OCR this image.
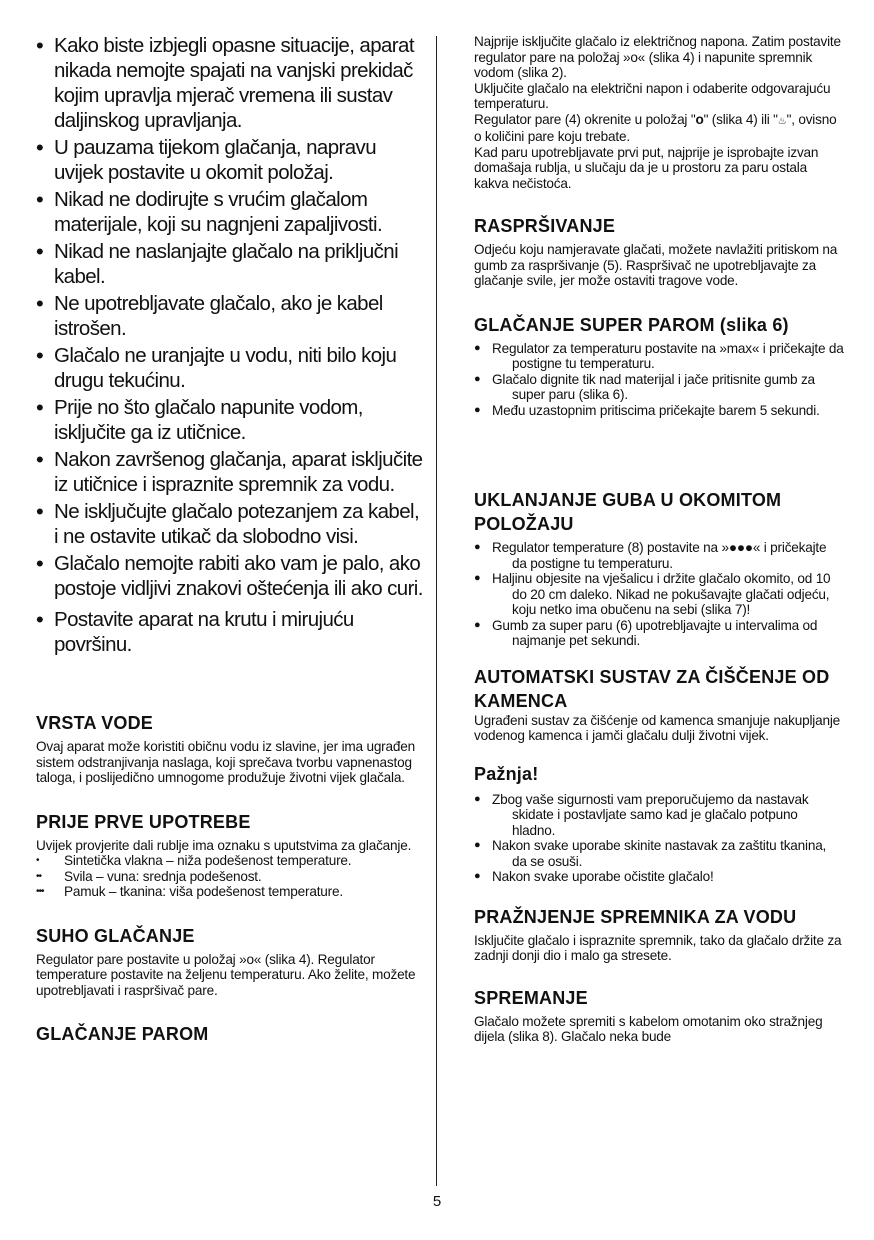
• Kako biste izbjegli opasne situacije, aparat nikada nemojte spajati na vanjski prekidač kojim upravlja mjerač vremena ili sustav daljinskog upravljanja.
• U pauzama tijekom glačanja, napravu uvijek postavite u okomit položaj.
• Nikad ne dodirujte s vrućim glačalom materijale, koji su nagnjeni zapaljivosti.
• Nikad ne naslanjajte glačalo na priključni kabel.
• Ne upotrebljavate glačalo, ako je kabel istrošen.
• Glačalo ne uranjajte u vodu, niti bilo koju drugu tekućinu.
• Prije no što glačalo napunite vodom, isključite ga iz utičnice.
• Nakon završenog glačanja, aparat isključite iz utičnice i ispraznite spremnik za vodu.
• Ne isključujte glačalo potezanjem za kabel, i ne ostavite utikač da slobodno visi.
• Glačalo nemojte rabiti ako vam je palo, ako postoje vidljivi znakovi oštećenja ili ako curi.
• Postavite aparat na krutu i mirujuću površinu.
VRSTA VODE

Ovaj aparat može koristiti običnu vodu iz slavine, jer ima ugrađen sistem odstranjivanja naslaga, koji sprečava tvorbu vapnenastog taloga, i poslijedično umnogome produžuje životni vijek glačala.

PRIJE PRVE UPOTREBE

Uvijek provjerite dali rublje ima oznaku s uputstvima za glačanje.

• Sintetička vlakna – niža podešenost temperature.
•• Svila – vuna: srednja podešenost.
••• Pamuk – tkanina: viša podešenost temperature.
SUHO GLAČANJE

Regulator pare postavite u položaj »o« (slika 4). Regulator temperature postavite na željenu temperaturu. Ako želite, možete upotrebljavati i raspršivač pare.

GLAČANJE PAROM

Najprije isključite glačalo iz električnog napona. Zatim postavite regulator pare na položaj »o« (slika 4) i napunite spremnik vodom (slika 2).

Uključite glačalo na električni napon i odaberite odgovarajuću temperaturu.

Regulator pare (4) okrenite u položaj "o" (slika 4) ili "♨", ovisno o količini pare koju trebate.

Kad paru upotrebljavate prvi put, najprije je isprobajte izvan domašaja rublja, u slučaju da je u prostoru za paru ostala kakva nečistoća.

RASPRŠIVANJE

Odjeću koju namjeravate glačati, možete navlažiti pritiskom na gumb za raspršivanje (5). Raspršivač ne upotrebljavajte za glačanje svile, jer može ostaviti tragove vode.

GLAČANJE SUPER PAROM (slika 6)
● Regulator za temperaturu postavite na »max« i pričekajte da postigne tu temperaturu.
● Glačalo dignite tik nad materijal i jače pritisnite gumb za super paru (slika 6).
● Među uzastopnim pritiscima pričekajte barem 5 sekundi.
UKLANJANJE GUBA U OKOMITOM POLOŽAJU
● Regulator temperature (8) postavite na »●●●« i pričekajte da postigne tu temperaturu.
● Haljinu objesite na vješalicu i držite glačalo okomito, od 10 do 20 cm daleko. Nikad ne pokušavajte glačati odjeću, koju netko ima obučenu na sebi (slika 7)!
● Gumb za super paru (6) upotrebljavajte u intervalima od najmanje pet sekundi.
AUTOMATSKI SUSTAV ZA ČIŠČENJE OD KAMENCA

Ugrađeni sustav za čišćenje od kamenca smanjuje nakupljanje vodenog kamenca i jamči glačalu dulji životni vijek.

Pažnja!
● Zbog vaše sigurnosti vam preporučujemo da nastavak skidate i postavljate samo kad je glačalo potpuno hladno.
● Nakon svake uporabe skinite nastavak za zaštitu tkanina, da se osuši.
● Nakon svake uporabe očistite glačalo!
PRAŽNJENJE SPREMNIKA ZA VODU

Isključite glačalo i ispraznite spremnik, tako da glačalo držite za zadnji donji dio i malo ga stresete.

SPREMANJE

Glačalo možete spremiti s kabelom omotanim oko stražnjeg dijela (slika 8). Glačalo neka bude

5
